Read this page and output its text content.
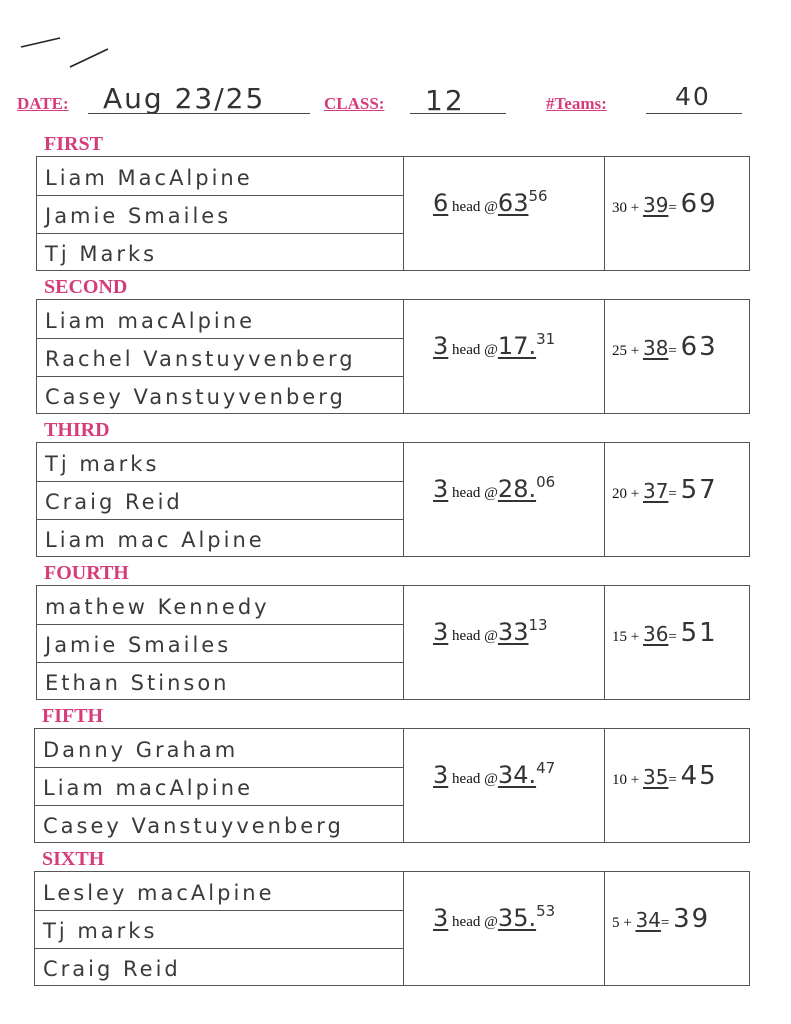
DATE: Aug 23/25	CLASS: 12	#Teams:	40
FIRST
Liam MacAlpine
Jamie Smailes
Tj Marks
6 head @6356
30 + 39= 69
SECOND
Liam macAlpine
Rachel Vanstuyvenberg
Casey Vanstuyvenberg
3 head @17.31
25 + 38= 63
THIRD
Tj marks
Craig Reid
Liam mac Alpine
3 head @28.06
20 + 37= 57
FOURTH
mathew Kennedy
Jamie Smailes
Ethan Stinson
3 head @3313
15 + 36= 51
FIFTH
Danny Graham
Liam macAlpine
Casey Vanstuyvenberg
3 head @34.47
10 + 35= 45
SIXTH
Lesley macAlpine
Tj marks
Craig Reid
3 head @35.53
5 + 34= 39
